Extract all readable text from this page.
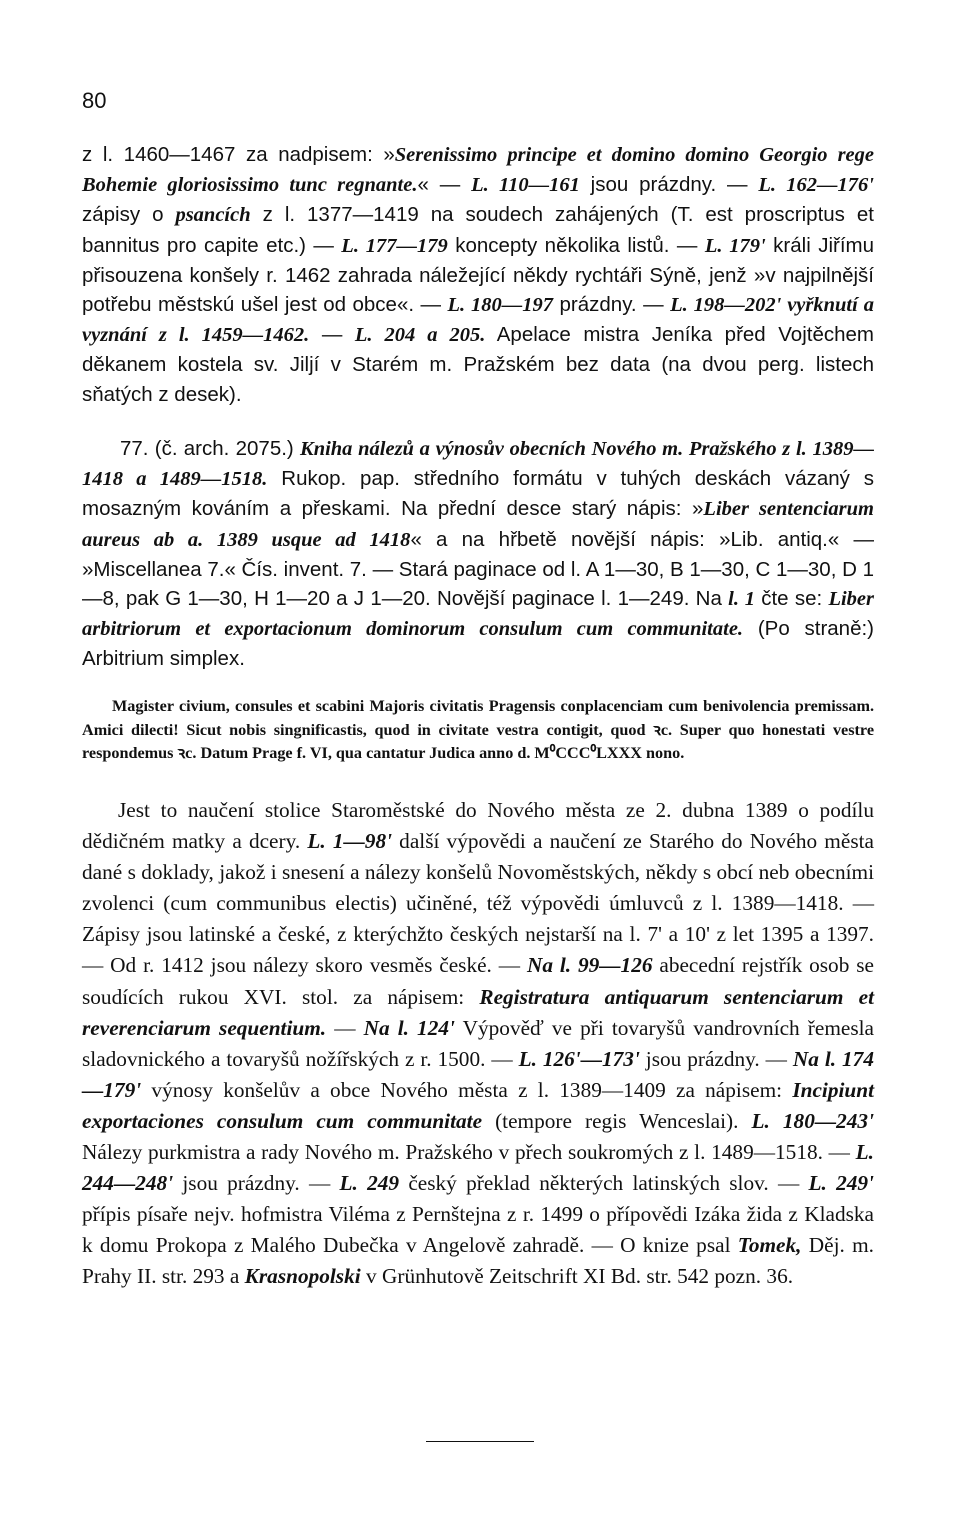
80

z l. 1460—1467 za nadpisem: »Serenissimo principe et domino domino Georgio rege Bohemie gloriosissimo tunc regnante.« — L. 110—161 jsou prázdny. — L. 162—176' zápisy o psancích z l. 1377—1419 na soudech zahájených (T. est proscriptus et bannitus pro capite etc.) — L. 177—179 koncepty několika listů. — L. 179' králi Jiřímu přisouzena konšely r. 1462 zahrada náležející někdy rychtáři Sýně, jenž »v najpilnější potřebu městskú ušel jest od obce«. — L. 180—197 prázdny. — L. 198—202' vyřknutí a vyznání z l. 1459—1462. — L. 204 a 205. Apelace mistra Jeníka před Vojtěchem děkanem kostela sv. Jiljí v Starém m. Pražském bez data (na dvou perg. listech sňatých z desek).

77. (č. arch. 2075.) Kniha nálezů a výnosův obecních Nového m. Pražského z l. 1389—1418 a 1489—1518. Rukop. pap. středního formátu v tuhých deskách vázaný s mosazným kováním a přeskami. Na přední desce starý nápis: »Liber sentenciarum aureus ab a. 1389 usque ad 1418« a na hřbetě novější nápis: »Lib. antiq.« — »Miscellanea 7.« Čís. invent. 7. — Stará paginace od l. A 1—30, B 1—30, C 1—30, D 1—8, pak G 1—30, H 1—20 a J 1—20. Novější paginace l. 1—249. Na l. 1 čte se: Liber arbitriorum et exportacionum dominorum consulum cum communitate. (Po straně:) Arbitrium simplex.

Magister civium, consules et scabini Majoris civitatis Pragensis conplacenciam cum benivolencia premissam. Amici dilecti! Sicut nobis singnificastis, quod in civitate vestra contigit, quod ꝛc. Super quo honestati vestre respondemus ꝛc. Datum Prage f. VI, qua cantatur Judica anno d. M⁰CCC⁰LXXX nono.

Jest to naučení stolice Staroměstské do Nového města ze 2. dubna 1389 o podílu dědičném matky a dcery. L. 1—98' další výpovědi a naučení ze Starého do Nového města dané s doklady, jakož i snesení a nálezy konšelů Novoměstských, někdy s obcí neb obecními zvolenci (cum communibus electis) učiněné, též výpovědi úmluvců z l. 1389—1418. — Zápisy jsou latinské a české, z kterýchžto českých nejstarší na l. 7' a 10' z let 1395 a 1397. — Od r. 1412 jsou nálezy skoro vesměs české. — Na l. 99—126 abecední rejstřík osob se soudících rukou XVI. stol. za nápisem: Registratura antiquarum sentenciarum et reverenciarum sequentium. — Na l. 124' Výpověď ve při tovaryšů vandrovních řemesla sladovnického a tovaryšů nožířských z r. 1500. — L. 126'—173' jsou prázdny. — Na l. 174—179' výnosy konšelův a obce Nového města z l. 1389—1409 za nápisem: Incipiunt exportaciones consulum cum communitate (tempore regis Wenceslai). L. 180—243' Nálezy purkmistra a rady Nového m. Pražského v přech soukromých z l. 1489—1518. — L. 244—248' jsou prázdny. — L. 249 český překlad některých latinských slov. — L. 249' přípis písaře nejv. hofmistra Viléma z Pernštejna z r. 1499 o přípovědi Izáka žida z Kladska k domu Prokopa z Malého Dubečka v Angelově zahradě. — O knize psal Tomek, Děj. m. Prahy II. str. 293 a Krasnopolski v Grünhutově Zeitschrift XI Bd. str. 542 pozn. 36.
